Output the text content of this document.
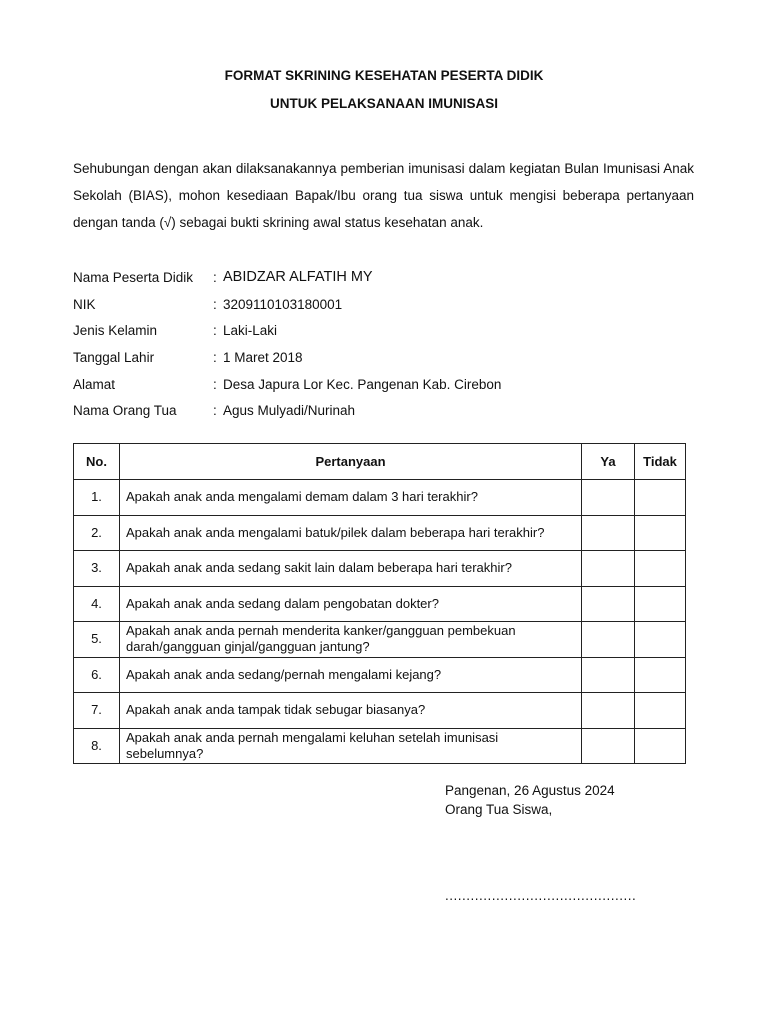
FORMAT SKRINING KESEHATAN PESERTA DIDIK
UNTUK PELAKSANAAN IMUNISASI

Sehubungan dengan akan dilaksanakannya pemberian imunisasi dalam kegiatan Bulan Imunisasi Anak Sekolah (BIAS), mohon kesediaan Bapak/Ibu orang tua siswa untuk mengisi beberapa pertanyaan dengan tanda (√) sebagai bukti skrining awal status kesehatan anak.

Nama Peserta Didik	: ABIDZAR ALFATIH MY
NIK	: 3209110103180001
Jenis Kelamin	: Laki-Laki
Tanggal Lahir	: 1 Maret 2018
Alamat	: Desa Japura Lor Kec. Pangenan Kab. Cirebon
Nama Orang Tua	: Agus Mulyadi/Nurinah
No.	Pertanyaan	Ya	Tidak
1.	Apakah anak anda mengalami demam dalam 3 hari terakhir?		
2.	Apakah anak anda mengalami batuk/pilek dalam beberapa hari terakhir?		
3.	Apakah anak anda sedang sakit lain dalam beberapa hari terakhir?		
4.	Apakah anak anda sedang dalam pengobatan dokter?		
5.	Apakah anak anda pernah menderita kanker/gangguan pembekuan darah/gangguan ginjal/gangguan jantung?		
6.	Apakah anak anda sedang/pernah mengalami kejang?		
7.	Apakah anak anda tampak tidak sebugar biasanya?		
8.	Apakah anak anda pernah mengalami keluhan setelah imunisasi sebelumnya?		
Pangenan, 26 Agustus 2024
Orang Tua Siswa,
.............................................
